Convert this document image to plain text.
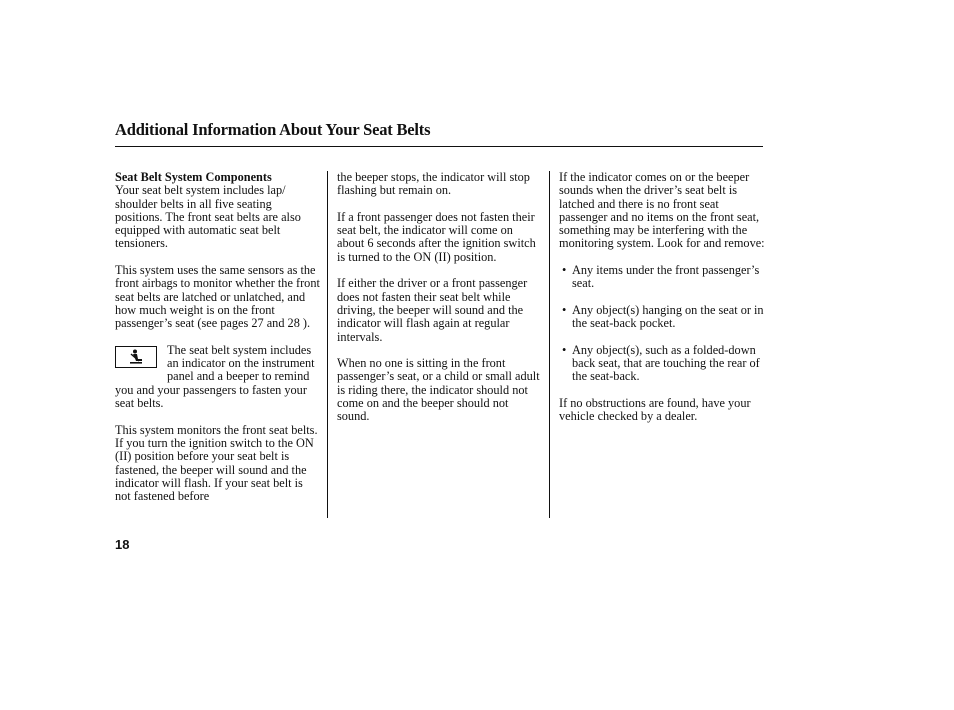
Additional Information About Your Seat Belts
Seat Belt System Components

Your seat belt system includes lap/ shoulder belts in all five seating positions. The front seat belts are also equipped with automatic seat belt tensioners.

This system uses the same sensors as the front airbags to monitor whether the front seat belts are latched or unlatched, and how much weight is on the front passenger’s seat (see pages 27 and 28 ).

The seat belt system includes an indicator on the instrument panel and a beeper to remind you and your passengers to fasten your seat belts.

This system monitors the front seat belts. If you turn the ignition switch to the ON (II) position before your seat belt is fastened, the beeper will sound and the indicator will flash. If your seat belt is not fastened before

the beeper stops, the indicator will stop flashing but remain on.

If a front passenger does not fasten their seat belt, the indicator will come on about 6 seconds after the ignition switch is turned to the ON (II) position.

If either the driver or a front passenger does not fasten their seat belt while driving, the beeper will sound and the indicator will flash again at regular intervals.

When no one is sitting in the front passenger’s seat, or a child or small adult is riding there, the indicator should not come on and the beeper should not sound.

If the indicator comes on or the beeper sounds when the driver’s seat belt is latched and there is no front seat passenger and no items on the front seat, something may be interfering with the monitoring system. Look for and remove:

• Any items under the front passenger’s seat.
• Any object(s) hanging on the seat or in the seat-back pocket.
• Any object(s), such as a folded-down back seat, that are touching the rear of the seat-back.

If no obstructions are found, have your vehicle checked by a dealer.

18
